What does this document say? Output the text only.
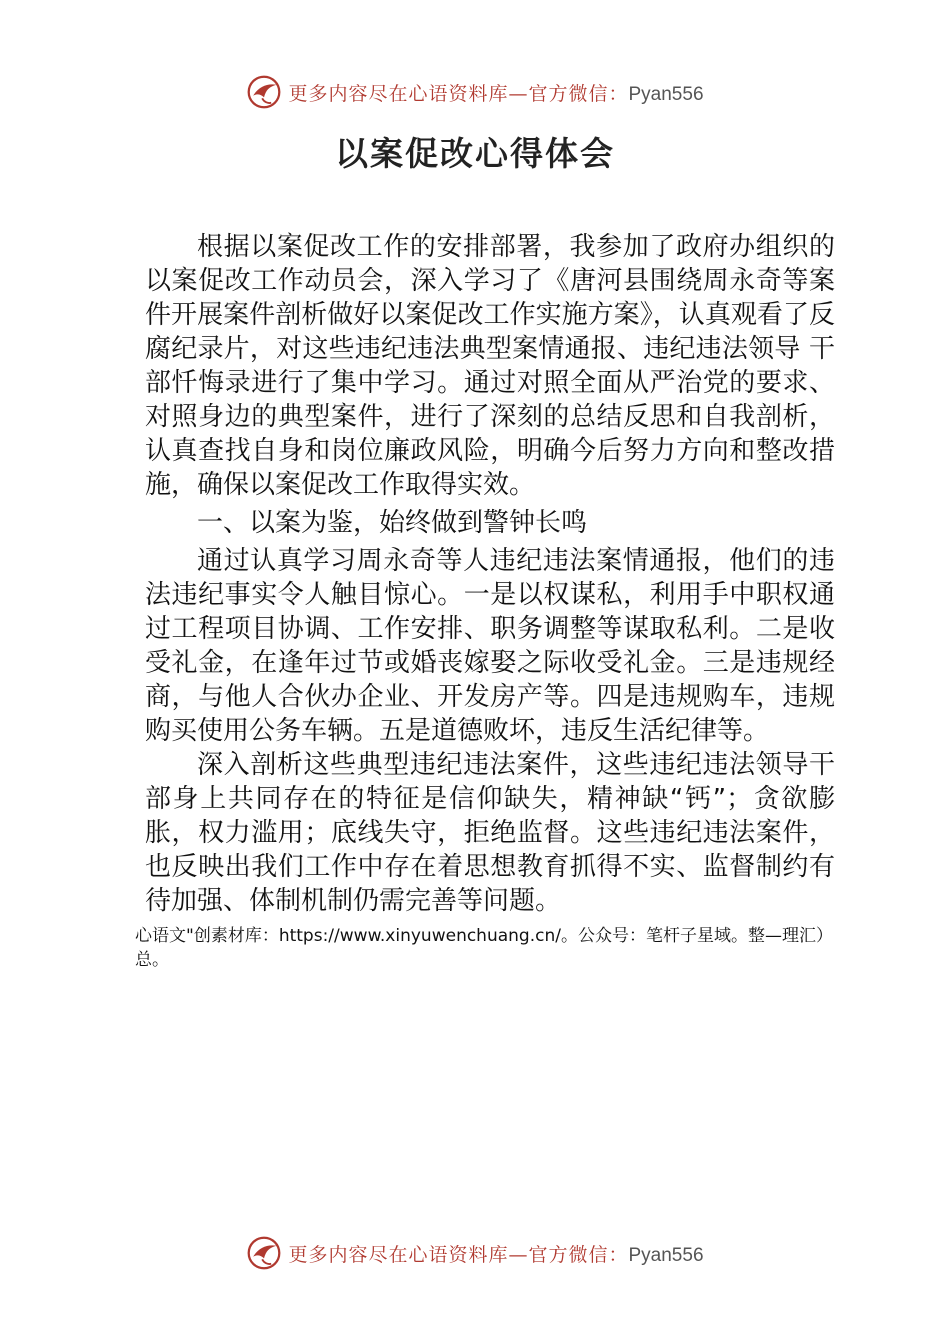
更多内容尽在心语资料库—官方微信：Pyan556
以案促改心得体会

根据以案促改工作的安排部署，我参加了政府办组织的以案促改工作动员会，深入学习了《唐河县围绕周永奇等案件开展案件剖析做好以案促改工作实施方案》，认真观看了反腐纪录片，对这些违纪违法典型案情通报、违纪违法领导 干部忏悔录进行了集中学习。通过对照全面从严治党的要求、对照身边的典型案件，进行了深刻的总结反思和自我剖析， 认真查找自身和岗位廉政风险，明确今后努力方向和整改措 施，确保以案促改工作取得实效。

一、以案为鉴，始终做到警钟长鸣

通过认真学习周永奇等人违纪违法案情通报，他们的违法违纪事实令人触目惊心。一是以权谋私，利用手中职权通过工程项目协调、工作安排、职务调整等谋取私利。二是收受礼金，在逢年过节或婚丧嫁娶之际收受礼金。三是违规经商，与他人合伙办企业、开发房产等。四是违规购车，违规购买使用公务车辆。五是道德败坏，违反生活纪律等。

深入剖析这些典型违纪违法案件，这些违纪违法领导干部身上共同存在的特征是信仰缺失，精神缺“钙”；贪欲膨胀，权力滥用；底线失守，拒绝监督。这些违纪违法案件， 也反映出我们工作中存在着思想教育抓得不实、监督制约有待加强、体制机制仍需完善等问题。

心语文"创素材库：https://www.xinyuwenchuang.cn/。公众号：笔杆子星域。整—理汇）总。
更多内容尽在心语资料库—官方微信：Pyan556
